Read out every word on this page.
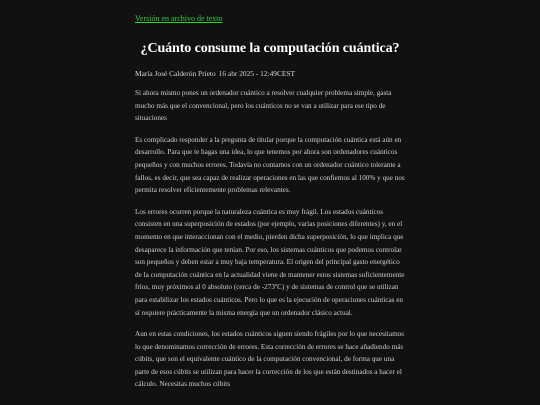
Versión en archivo de texto
¿Cuánto consume la computación cuántica?
María José Calderón Prieto 16 abr 2025 - 12:49CEST

Si ahora mismo pones un ordenador cuántico a resolver cualquier problema simple, gasta mucho más que el convencional, pero los cuánticos no se van a utilizar para ese tipo de situaciones

Es complicado responder a la pregunta de titular porque la computación cuántica está aún en desarrollo. Para que te hagas una idea, lo que tenemos por ahora son ordenadores cuánticos pequeños y con muchos errores. Todavía no contamos con un ordenador cuántico tolerante a fallos, es decir, que sea capaz de realizar operaciones en las que confiemos al 100% y que nos permita resolver eficientemente problemas relevantes.

Los errores ocurren porque la naturaleza cuántica es muy frágil. Los estados cuánticos consisten en una superposición de estados (por ejemplo, varias posiciones diferentes) y, en el momento en que interaccionan con el medio, pierden dicha superposición, lo que implica que desaparece la información que tenían. Por eso, los sistemas cuánticos que podemos controlar son pequeños y deben estar a muy baja temperatura. El origen del principal gasto energético de la computación cuántica en la actualidad viene de mantener estos sistemas suficientemente fríos, muy próximos al 0 absoluto (cerca de -273ºC) y de sistemas de control que se utilizan para estabilizar los estados cuánticos. Pero lo que es la ejecución de operaciones cuánticas en sí requiere prácticamente la misma energía que un ordenador clásico actual.

Aun en estas condiciones, los estados cuánticos siguen siendo frágiles por lo que necesitamos lo que denominamos corrección de errores. Esta corrección de errores se hace añadiendo más cúbits, que son el equivalente cuántico de la computación convencional, de forma que una parte de esos cúbits se utilizan para hacer la corrección de los que están destinados a hacer el cálculo. Necesitas muchos cúbits
